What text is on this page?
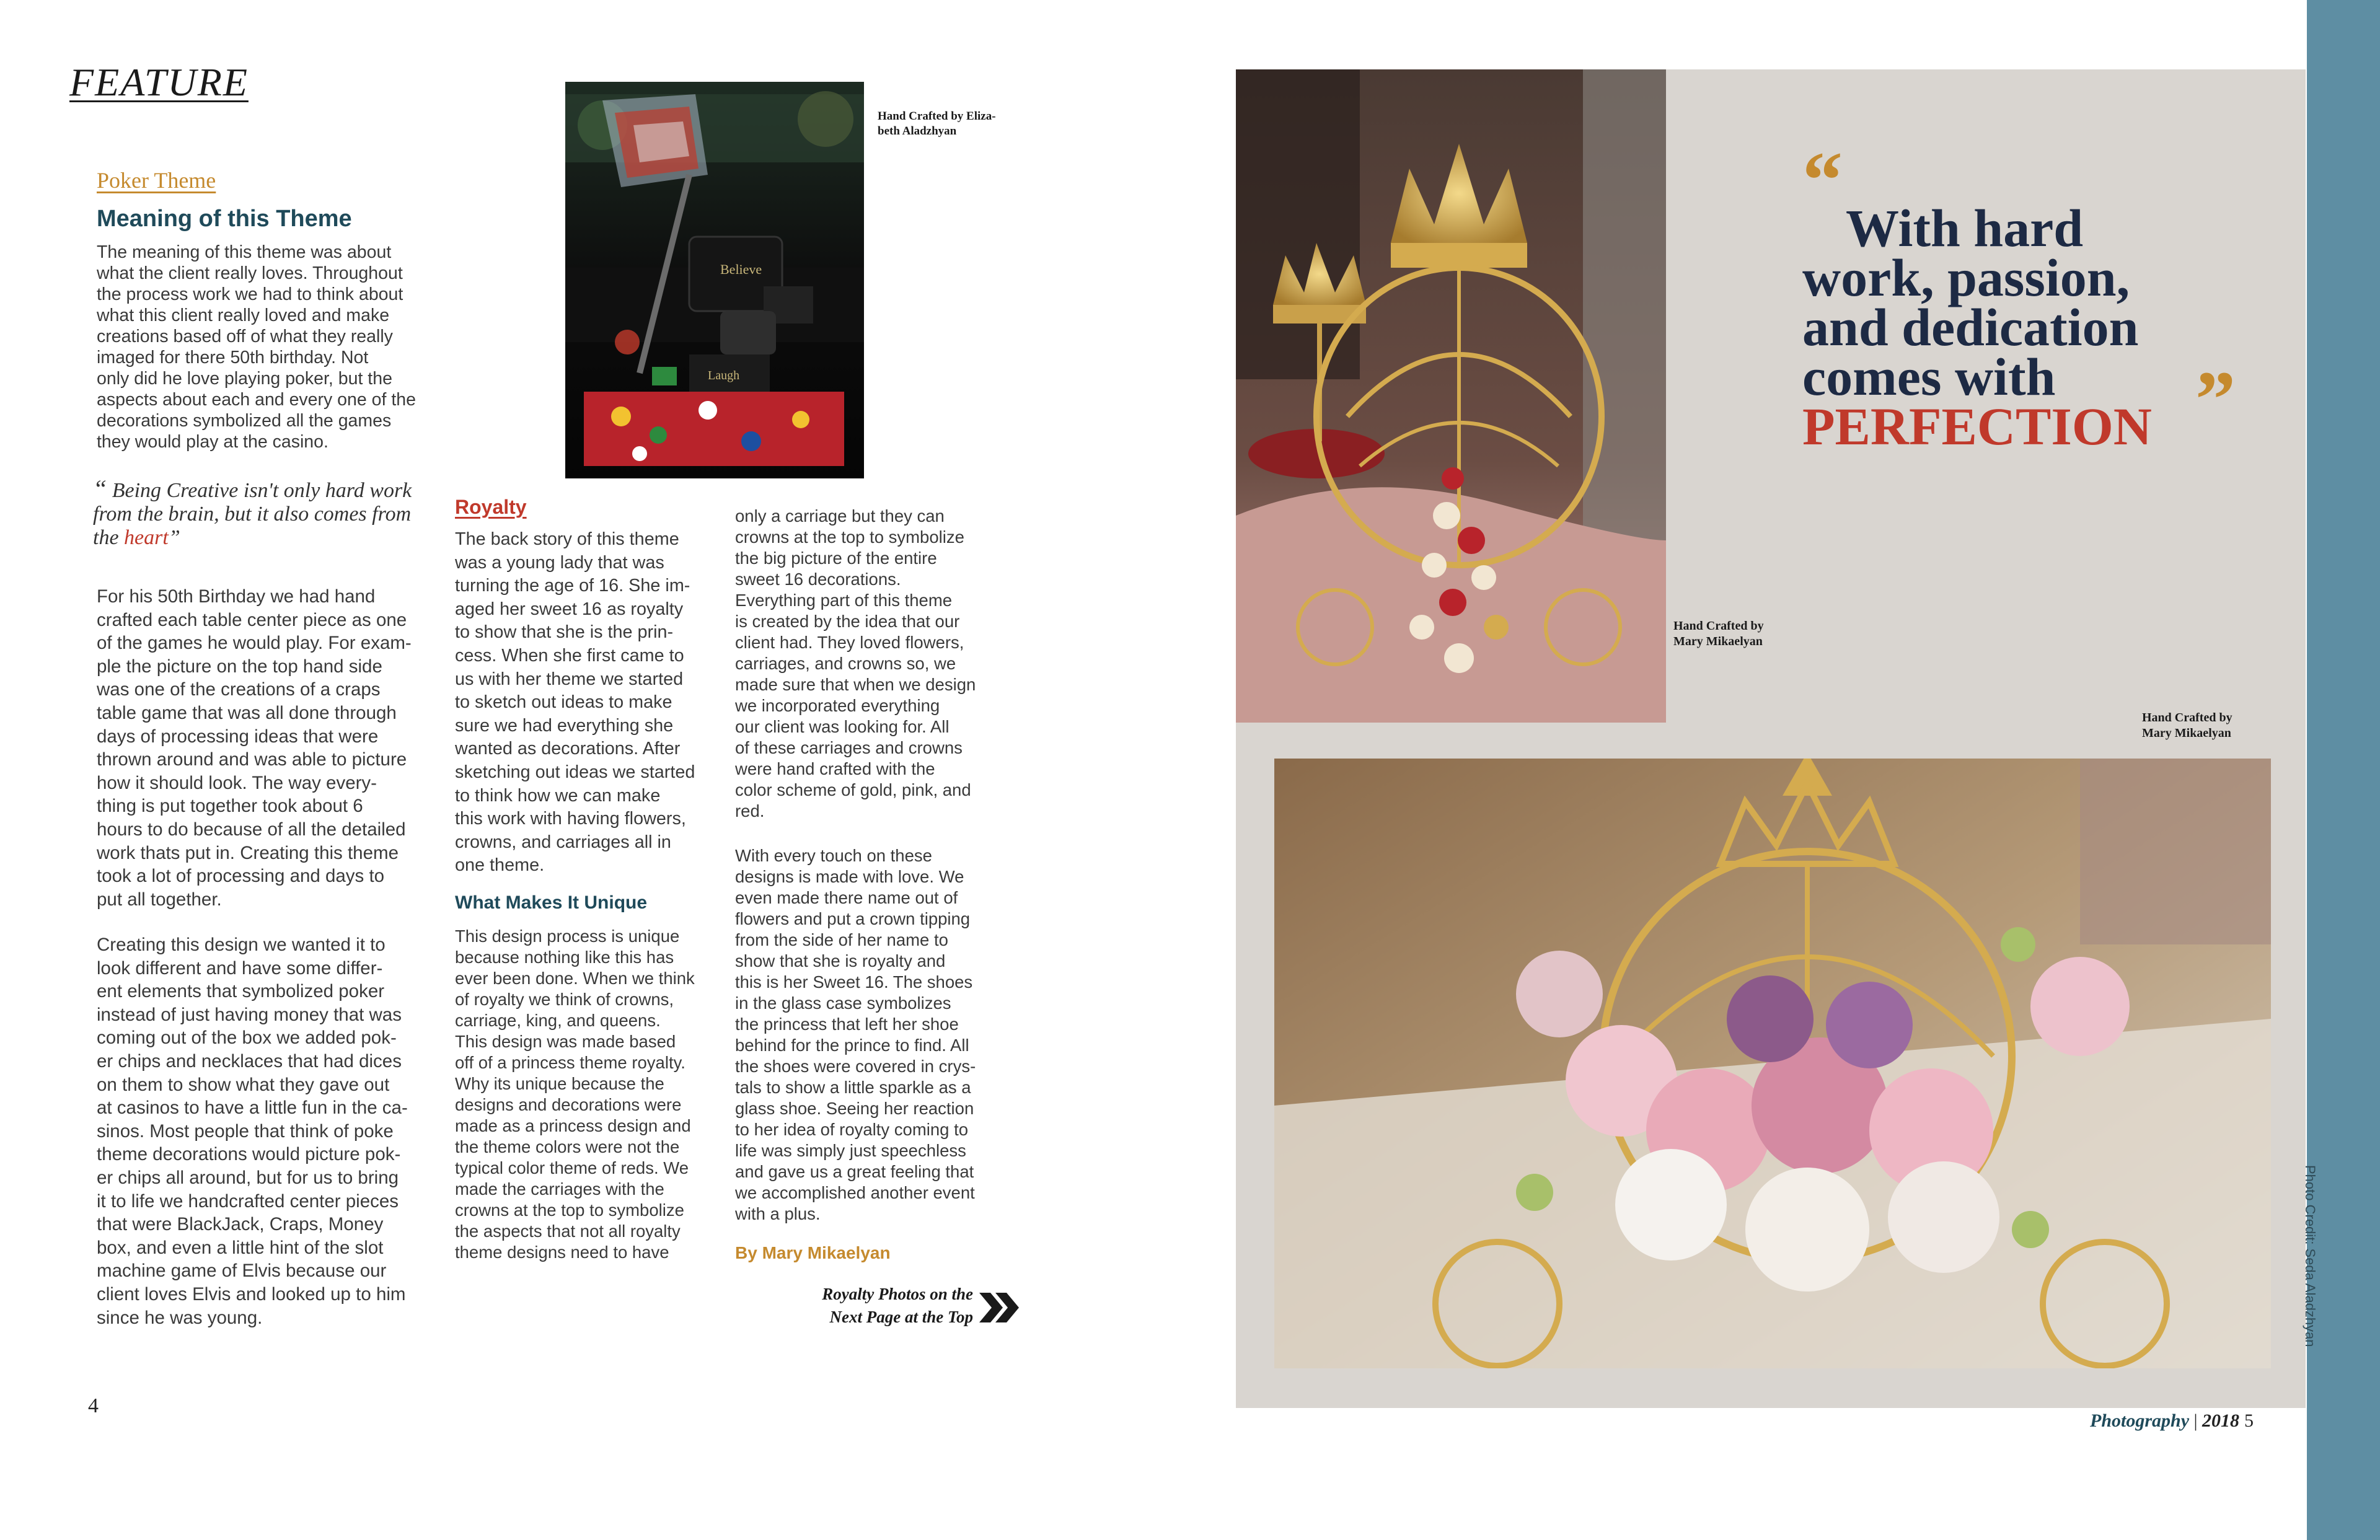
FEATURE
Poker Theme
Meaning of this Theme
The meaning of this theme was about
what the client really loves. Throughout
the process work we had to think about
what this client really loved and make
creations based off of what they really
imaged for there 50th birthday. Not
only did he love playing poker, but the
aspects about each and every one of the
decorations symbolized all the games
they would play at the casino.
“ Being Creative isn't only hard work from the brain, but it also comes from the heart”
For his 50th Birthday we had hand
crafted each table center piece as one
of the games he would play. For exam-
ple the picture on the top hand side
was one of the creations of a craps
table game that was all done through
days of processing ideas that were
thrown around and was able to picture
how it should look. The way every-
thing is put together took about 6
hours to do because of all the detailed
work thats put in. Creating this theme
took a lot of processing and days to
put all together.
Creating this design we wanted it to
look different and have some differ-
ent elements that symbolized poker
instead of just having money that was
coming out of the box we added pok-
er chips and necklaces that had dices
on them to show what they gave out
at casinos to have a little fun in the ca-
sinos. Most people that think of poke
theme decorations would picture pok-
er chips all around, but for us to bring
it to life we handcrafted center pieces
that were BlackJack, Craps, Money
box, and even a little hint of the slot
machine game of Elvis because our
client loves Elvis and looked up to him
since he was young.
Believe
Laugh
Hand Crafted by Eliza-
beth Aladzhyan
Royalty
The back story of this theme
was a young lady that was
turning the age of 16. She im-
aged her sweet 16 as royalty
to show that she is the prin-
cess. When she first came to
us with her theme we started
to sketch out ideas to make
sure we had everything she
wanted as decorations. After
sketching out ideas we started
to think how we can make
this work with having flowers,
crowns, and carriages all in
one theme.
What Makes It Unique
This design process is unique
because nothing like this has
ever been done. When we think
of royalty we think of crowns,
carriage, king, and queens.
This design was made based
off of a princess theme royalty.
Why its unique because the
designs and decorations were
made as a princess design and
the theme colors were not the
typical color theme of reds. We
made the carriages with the
crowns at the top to symbolize
the aspects that not all royalty
theme designs need to have
only a carriage but they can
crowns at the top to symbolize
the big picture of the entire
sweet 16 decorations.
Everything part of this theme
is created by the idea that our
client had. They loved flowers,
carriages, and crowns so, we
made sure that when we design
we incorporated everything
our client was looking for. All
of these carriages and crowns
were hand crafted with the
color scheme of gold, pink, and
red.
With every touch on these
designs is made with love. We
even made there name out of
flowers and put a crown tipping
from the side of her name to
show that she is royalty and
this is her Sweet 16. The shoes
in the glass case symbolizes
the princess that left her shoe
behind for the prince to find. All
the shoes were covered in crys-
tals to show a little sparkle as a
glass shoe. Seeing her reaction
to her idea of royalty coming to
life was simply just speechless
and gave us a great feeling that
we accomplished another event
with a plus.
By Mary Mikaelyan
Royalty Photos on the
Next Page at the Top
4
Photo Credit: Seda Aladzhyan
Hand Crafted by
Mary Mikaelyan
“
With hard
work, passion,
and dedication
comes with
PERFECTION ”
Hand Crafted by
Mary Mikaelyan
Photography | 2018 5
